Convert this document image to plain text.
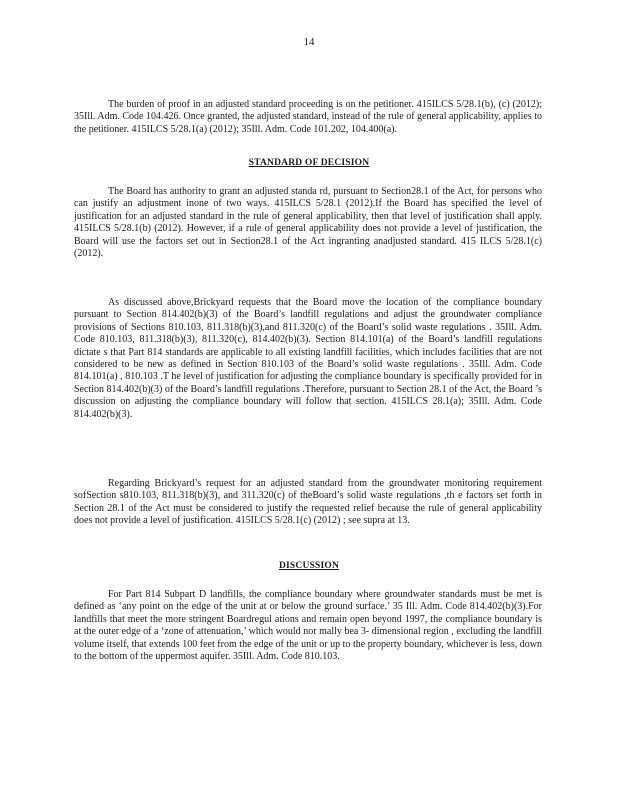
14

The burden of proof in an adjusted standard proceeding is on the petitioner. 415ILCS 5/28.1(b), (c) (2012); 35Ill. Adm. Code 104.426. Once granted, the adjusted standard, instead of the rule of general applicability, applies to the petitioner. 415ILCS 5/28.1(a) (2012); 35Ill. Adm. Code 101.202, 104.400(a).

STANDARD OF DECISION

The Board has authority to grant an adjusted standa rd, pursuant to Section28.1 of the Act, for persons who can justify an adjustment inone of two ways. 415ILCS 5/28.1 (2012).If the Board has specified the level of justification for an adjusted standard in the rule of general applicability, then that level of justification shall apply. 415ILCS 5/28.1(b) (2012). However, if a rule of general applicability does not provide a level of justification, the Board will use the factors set out in Section28.1 of the Act ingranting anadjusted standard. 415 ILCS 5/28.1(c) (2012).

As discussed above,Brickyard requests that the Board move the location of the compliance boundary pursuant to Section 814.402(b)(3) of the Board’s landfill regulations and adjust the groundwater compliance provisions of Sections 810.103, 811.318(b)(3),and 811.320(c) of the Board’s solid waste regulations . 35Ill. Adm. Code 810.103, 811.318(b)(3), 811.320(c), 814.402(b)(3). Section 814.101(a) of the Board’s landfill regulations dictate s that Part 814 standards are applicable to all existing landfill facilities, which includes facilities that are not considered to be new as defined in Section 810.103 of the Board’s solid waste regulations . 35Ill. Adm. Code 814.101(a) , 810.103 .T he level of justification for adjusting the compliance boundary is specifically provided for in Section 814.402(b)(3) of the Board’s landfill regulations .Therefore, pursuant to Section 28.1 of the Act, the Board ’s discussion on adjusting the compliance boundary will follow that section. 415ILCS 28.1(a); 35Ill. Adm. Code 814.402(b)(3).

Regarding Brickyard’s request for an adjusted standard from the groundwater monitoring requirement sofSection s810.103, 811.318(b)(3), and 311.320(c) of theBoard’s solid waste regulations ,th e factors set forth in Section 28.1 of the Act must be considered to justify the requested relief because the rule of general applicability does not provide a level of justification. 415ILCS 5/28.1(c) (2012) ; see supra at 13.

DISCUSSION

For Part 814 Subpart D landfills, the compliance boundary where groundwater standards must be met is defined as ‘any point on the edge of the unit at or below the ground surface.’ 35 Ill. Adm. Code 814.402(b)(3).For landfills that meet the more stringent Boardregul ations and remain open beyond 1997, the compliance boundary is at the outer edge of a ‘zone of attenuation,’ which would nor mally bea 3- dimensional region , excluding the landfill volume itself, that extends 100 feet from the edge of the unit or up to the property boundary, whichever is less, down to the bottom of the uppermost aquifer. 35Ill. Adm. Code 810.103.
